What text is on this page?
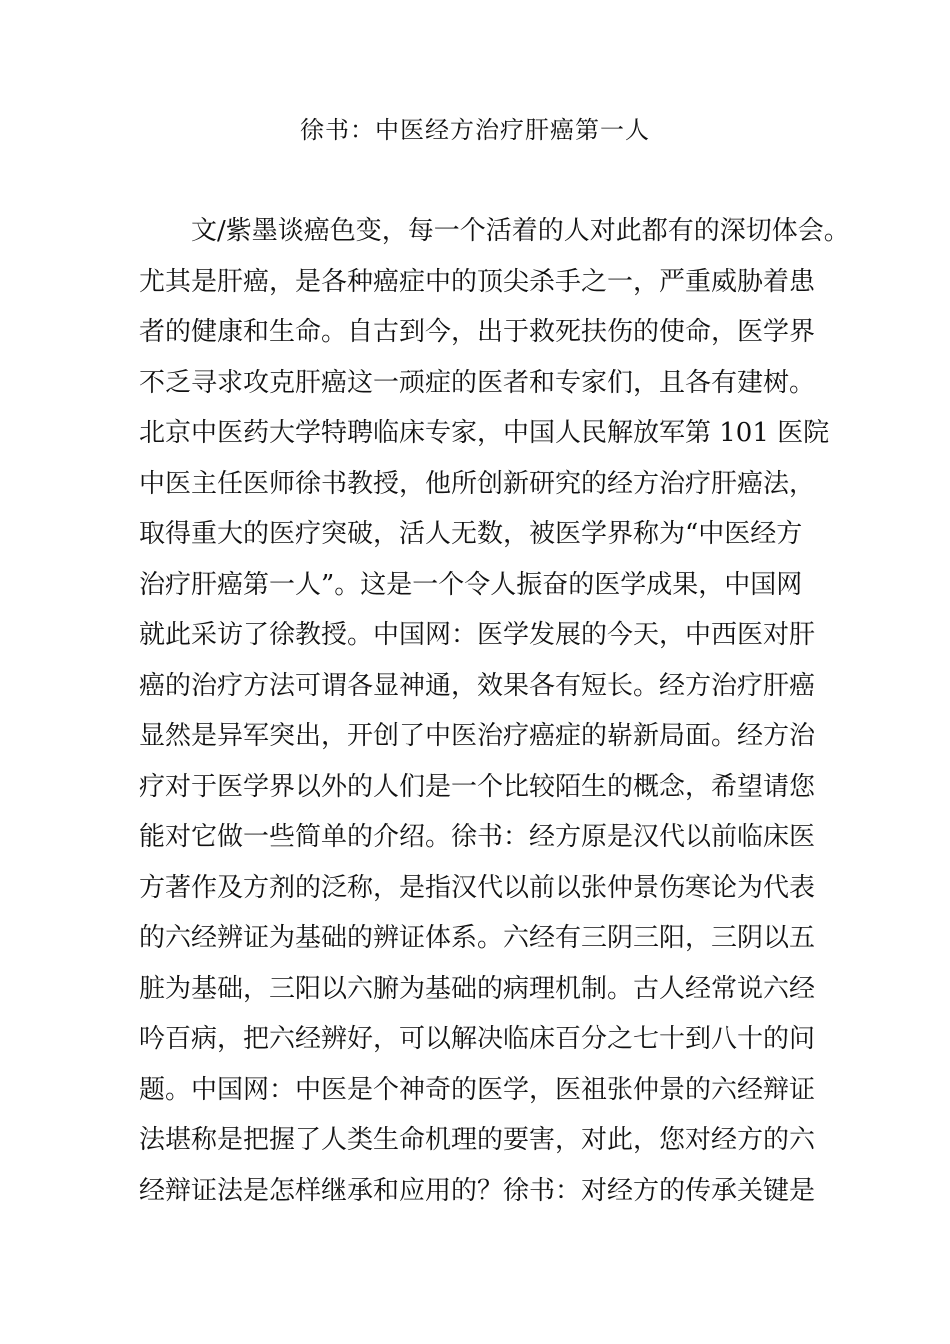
徐书：中医经方治疗肝癌第一人
文/紫墨谈癌色变，每一个活着的人对此都有的深切体会。
尤其是肝癌，是各种癌症中的顶尖杀手之一，严重威胁着患
者的健康和生命。自古到今，出于救死扶伤的使命，医学界
不乏寻求攻克肝癌这一顽症的医者和专家们，且各有建树。
北京中医药大学特聘临床专家，中国人民解放军第 101 医院
中医主任医师徐书教授，他所创新研究的经方治疗肝癌法，
取得重大的医疗突破，活人无数，被医学界称为“中医经方
治疗肝癌第一人”。这是一个令人振奋的医学成果，中国网
就此采访了徐教授。中国网：医学发展的今天，中西医对肝
癌的治疗方法可谓各显神通，效果各有短长。经方治疗肝癌
显然是异军突出，开创了中医治疗癌症的崭新局面。经方治
疗对于医学界以外的人们是一个比较陌生的概念，希望请您
能对它做一些简单的介绍。徐书：经方原是汉代以前临床医
方著作及方剂的泛称，是指汉代以前以张仲景伤寒论为代表
的六经辨证为基础的辨证体系。六经有三阴三阳，三阴以五
脏为基础，三阳以六腑为基础的病理机制。古人经常说六经
吟百病，把六经辨好，可以解决临床百分之七十到八十的问
题。中国网：中医是个神奇的医学，医祖张仲景的六经辩证
法堪称是把握了人类生命机理的要害，对此，您对经方的六
经辩证法是怎样继承和应用的？徐书：对经方的传承关键是
